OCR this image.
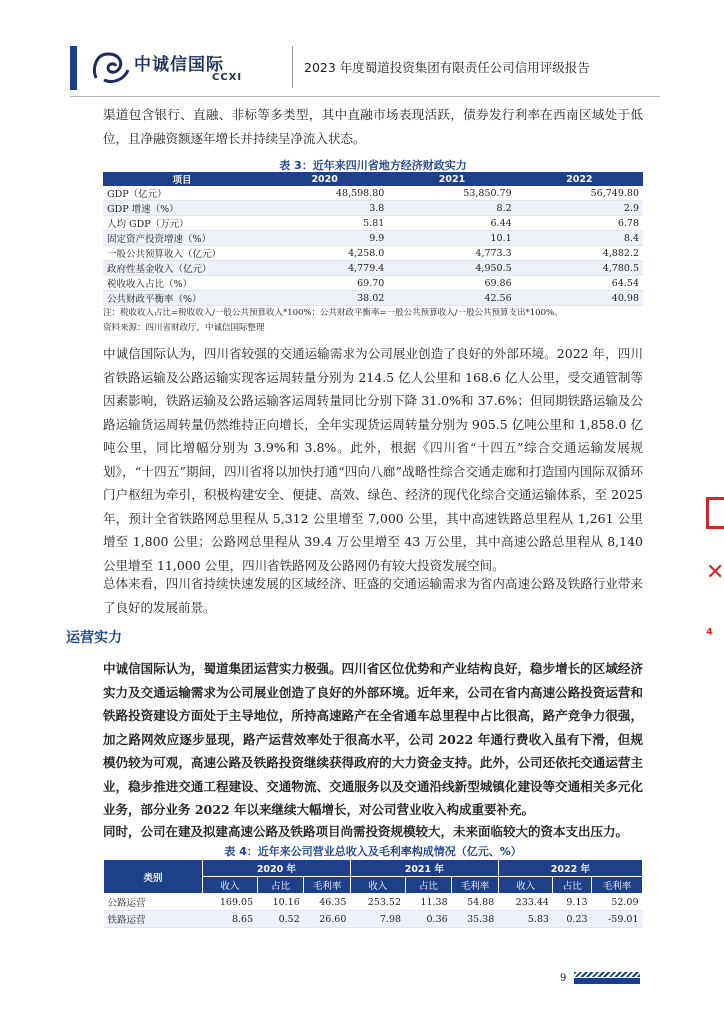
中诚信国际
CCXI
2023 年度蜀道投资集团有限责任公司信用评级报告

渠道包含银行、直融、非标等多类型，其中直融市场表现活跃，债券发行利率在西南区域处于低位，且净融资额逐年增长并持续呈净流入状态。

表 3：近年来四川省地方经济财政实力
项目	2020	2021	2022
GDP（亿元）	48,598.80	53,850.79	56,749.80
GDP 增速（%）	3.8	8.2	2.9
人均 GDP（万元）	5.81	6.44	6.78
固定资产投资增速（%）	9.9	10.1	8.4
一般公共预算收入（亿元）	4,258.0	4,773.3	4,882.2
政府性基金收入（亿元）	4,779.4	4,950.5	4,780.5
税收收入占比（%）	69.70	69.86	64.54
公共财政平衡率（%）	38.02	42.56	40.98
注：税收收入占比=税收收入/一般公共预算收入*100%；公共财政平衡率=一般公共预算收入/一般公共预算支出*100%。
资料来源：四川省财政厅，中诚信国际整理

中诚信国际认为，四川省较强的交通运输需求为公司展业创造了良好的外部环境。2022 年，四川省铁路运输及公路运输实现客运周转量分别为 214.5 亿人公里和 168.6 亿人公里，受交通管制等因素影响，铁路运输及公路运输客运周转量同比分别下降 31.0%和 37.6%；但同期铁路运输及公路运输货运周转量仍然维持正向增长，全年实现货运周转量分别为 905.5 亿吨公里和 1,858.0 亿吨公里，同比增幅分别为 3.9%和 3.8%。此外，根据《四川省“十四五”综合交通运输发展规划》，“十四五”期间，四川省将以加快打通“四向八廊”战略性综合交通走廊和打造国内国际双循环门户枢纽为牵引，积极构建安全、便捷、高效、绿色、经济的现代化综合交通运输体系，至 2025 年，预计全省铁路网总里程从 5,312 公里增至 7,000 公里，其中高速铁路总里程从 1,261 公里增至 1,800 公里；公路网总里程从 39.4 万公里增至 43 万公里，其中高速公路总里程从 8,140 公里增至 11,000 公里，四川省铁路网及公路网仍有较大投资发展空间。

总体来看，四川省持续快速发展的区域经济、旺盛的交通运输需求为省内高速公路及铁路行业带来了良好的发展前景。

运营实力

中诚信国际认为，蜀道集团运营实力极强。四川省区位优势和产业结构良好，稳步增长的区域经济实力及交通运输需求为公司展业创造了良好的外部环境。近年来，公司在省内高速公路投资运营和铁路投资建设方面处于主导地位，所持高速路产在全省通车总里程中占比很高，路产竞争力很强，加之路网效应逐步显现，路产运营效率处于很高水平，公司 2022 年通行费收入虽有下滑，但规模仍较为可观，高速公路及铁路投资继续获得政府的大力资金支持。此外，公司还依托交通运营主业，稳步推进交通工程建设、交通物流、交通服务以及交通沿线新型城镇化建设等交通相关多元化业务，部分业务 2022 年以来继续大幅增长，对公司营业收入构成重要补充。

同时，公司在建及拟建高速公路及铁路项目尚需投资规模较大，未来面临较大的资本支出压力。

表 4：近年来公司营业总收入及毛利率构成情况（亿元、%）
类别	2020 年			2021 年			2022 年		
	收入	占比	毛利率	收入	占比	毛利率	收入	占比	毛利率
公路运营	169.05	10.16	46.35	253.52	11.38	54.88	233.44	9.13	52.09
铁路运营	8.65	0.52	26.60	7.98	0.36	35.38	5.83	0.23	-59.01
9
✕
⁴
